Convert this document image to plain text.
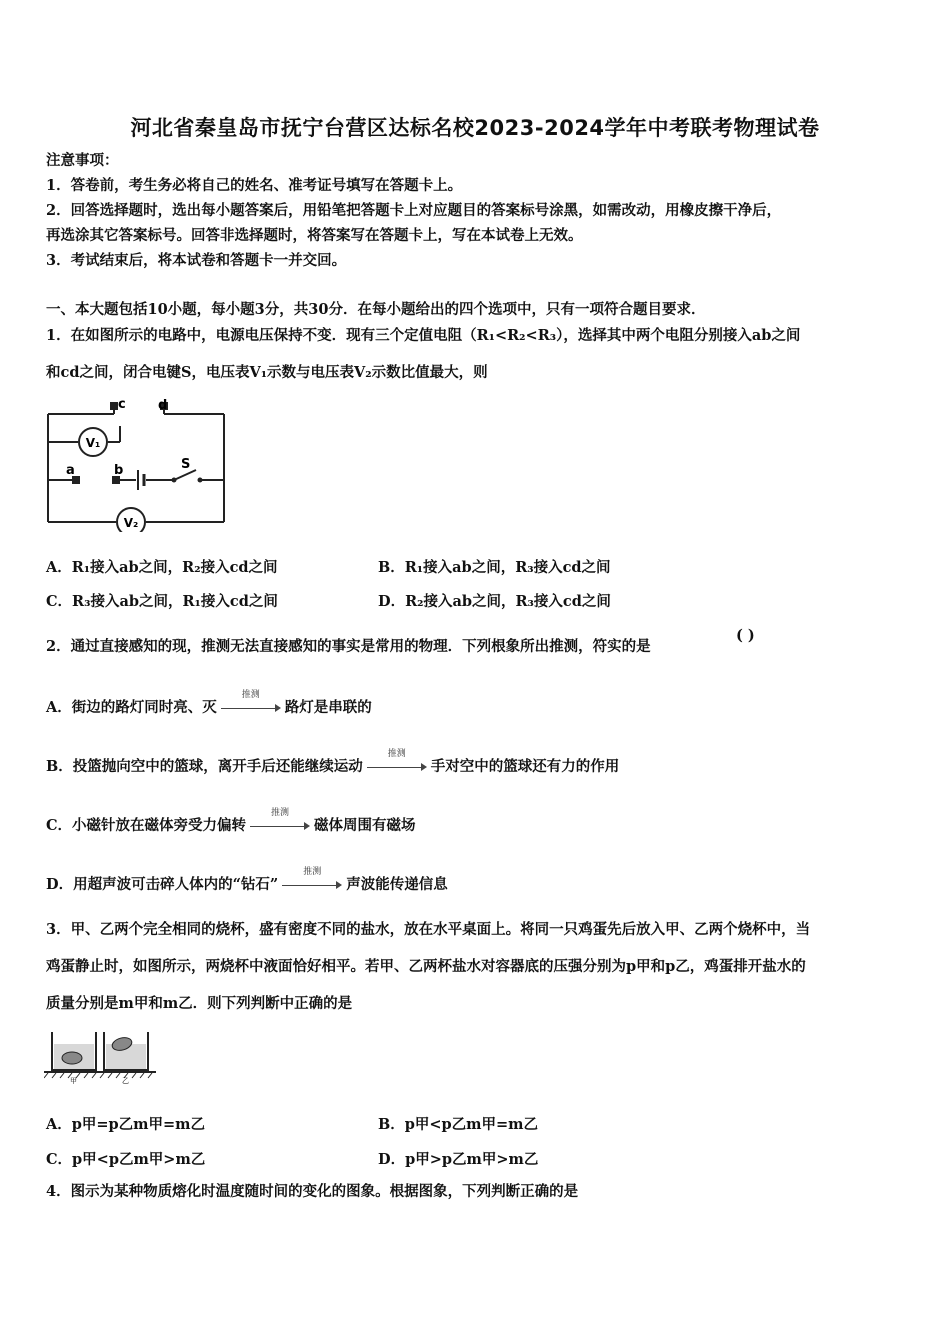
河北省秦皇岛市抚宁台营区达标名校2023-2024学年中考联考物理试卷
注意事项：
1．答卷前，考生务必将自己的姓名、准考证号填写在答题卡上。
2．回答选择题时，选出每小题答案后，用铅笔把答题卡上对应题目的答案标号涂黑，如需改动，用橡皮擦干净后，
再选涂其它答案标号。回答非选择题时，将答案写在答题卡上，写在本试卷上无效。
3．考试结束后，将本试卷和答题卡一并交回。
一、本大题包括10小题，每小题3分，共30分．在每小题给出的四个选项中，只有一项符合题目要求．
1．在如图所示的电路中，电源电压保持不变．现有三个定值电阻（R₁<R₂<R₃），选择其中两个电阻分别接入ab之间
和cd之间，闭合电键S，电压表V₁示数与电压表V₂示数比值最大，则
V₁
V₂
c d
a	b	S
A．R₁接入ab之间，R₂接入cd之间	B．R₁接入ab之间，R₃接入cd之间
C．R₃接入ab之间，R₁接入cd之间	D．R₂接入ab之间，R₃接入cd之间
2．通过直接感知的现，推测无法直接感知的事实是常用的物理．下列根象所出推测，符实的是
( )
A．街边的路灯同时亮、灭
推测
路灯是串联的
B．投篮抛向空中的篮球，离开手后还能继续运动
推测
手对空中的篮球还有力的作用
C．小磁针放在磁体旁受力偏转
推测
磁体周围有磁场
D．用超声波可击碎人体内的“钻石”
推测
声波能传递信息
3．甲、乙两个完全相同的烧杯，盛有密度不同的盐水，放在水平桌面上。将同一只鸡蛋先后放入甲、乙两个烧杯中，当
鸡蛋静止时，如图所示，两烧杯中液面恰好相平。若甲、乙两杯盐水对容器底的压强分别为p甲和p乙，鸡蛋排开盐水的
质量分别是m甲和m乙．则下列判断中正确的是
甲	乙
A．p甲=p乙m甲=m乙	B．p甲<p乙m甲=m乙
C．p甲<p乙m甲>m乙	D．p甲>p乙m甲>m乙
4．图示为某种物质熔化时温度随时间的变化的图象。根据图象，下列判断正确的是
